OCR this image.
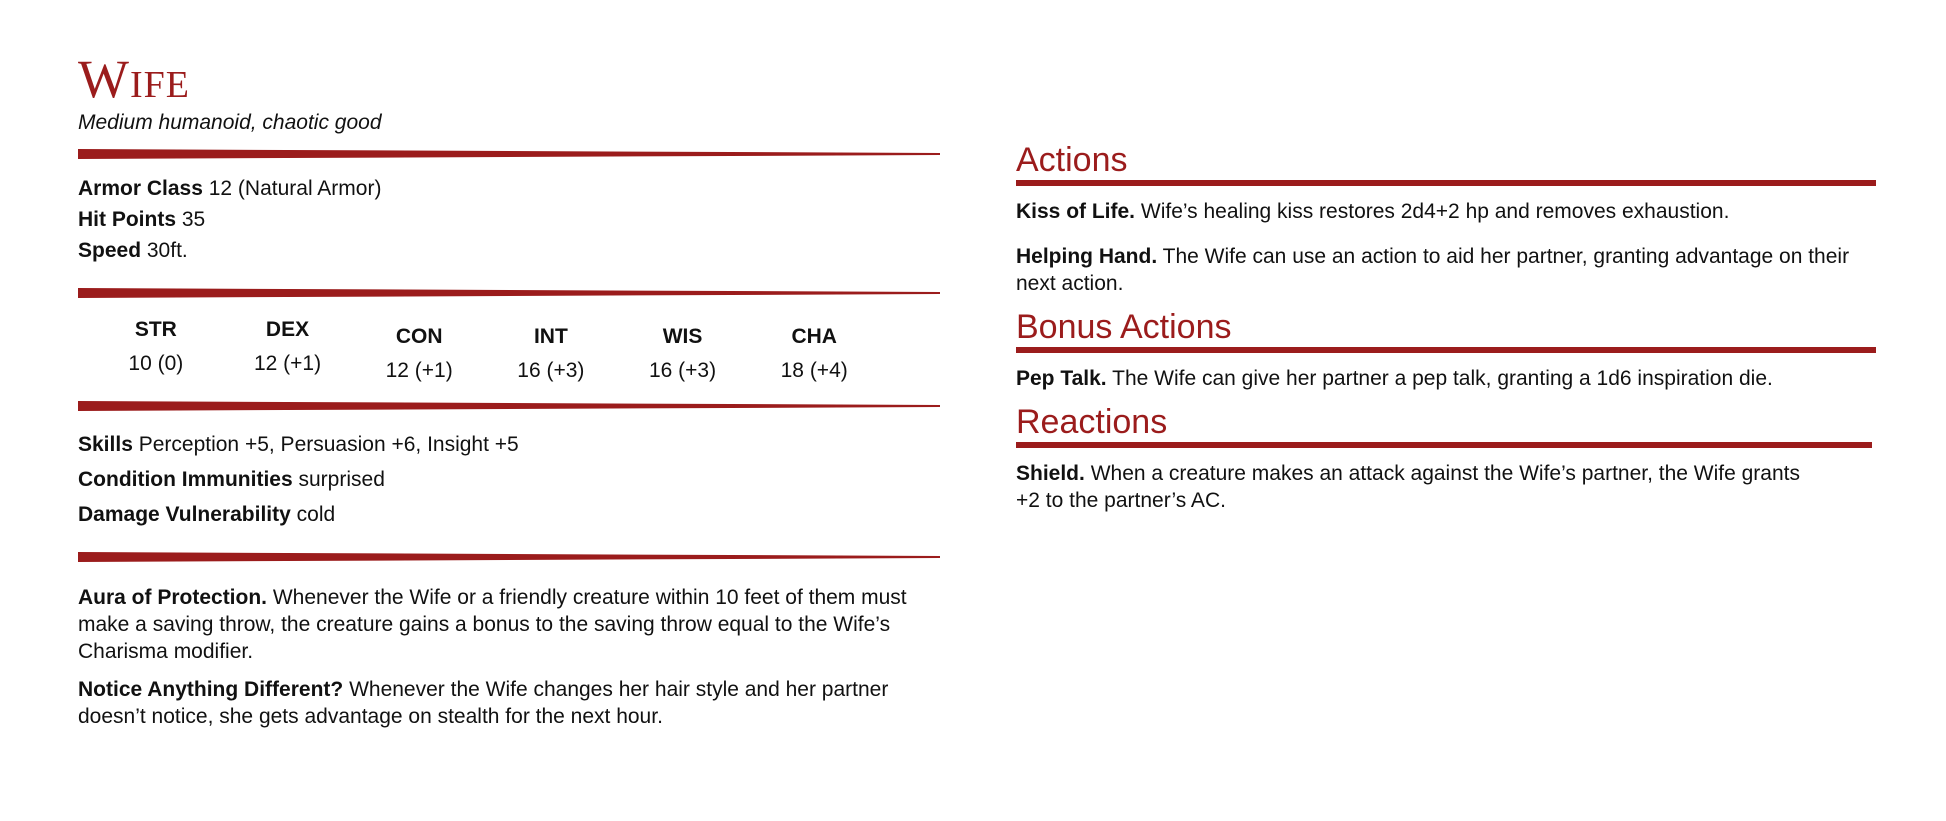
Wife
Medium humanoid, chaotic good
Armor Class 12 (Natural Armor)
Hit Points 35
Speed 30ft.
STR
10 (0)
DEX
12 (+1)
CON
12 (+1)
INT
16 (+3)
WIS
16 (+3)
CHA
18 (+4)
Skills Perception +5, Persuasion +6, Insight +5
Condition Immunities surprised
Damage Vulnerability cold
Aura of Protection. Whenever the Wife or a friendly creature within 10 feet of them must make a saving throw, the creature gains a bonus to the saving throw equal to the Wife’s Charisma modifier.
Notice Anything Different? Whenever the Wife changes her hair style and her partner doesn’t notice, she gets advantage on stealth for the next hour.
Actions
Kiss of Life. Wife’s healing kiss restores 2d4+2 hp and removes exhaustion.
Helping Hand. The Wife can use an action to aid her partner, granting advantage on their next action.
Bonus Actions
Pep Talk. The Wife can give her partner a pep talk, granting a 1d6 inspiration die.
Reactions
Shield. When a creature makes an attack against the Wife’s partner, the Wife grants +2 to the partner’s AC.
